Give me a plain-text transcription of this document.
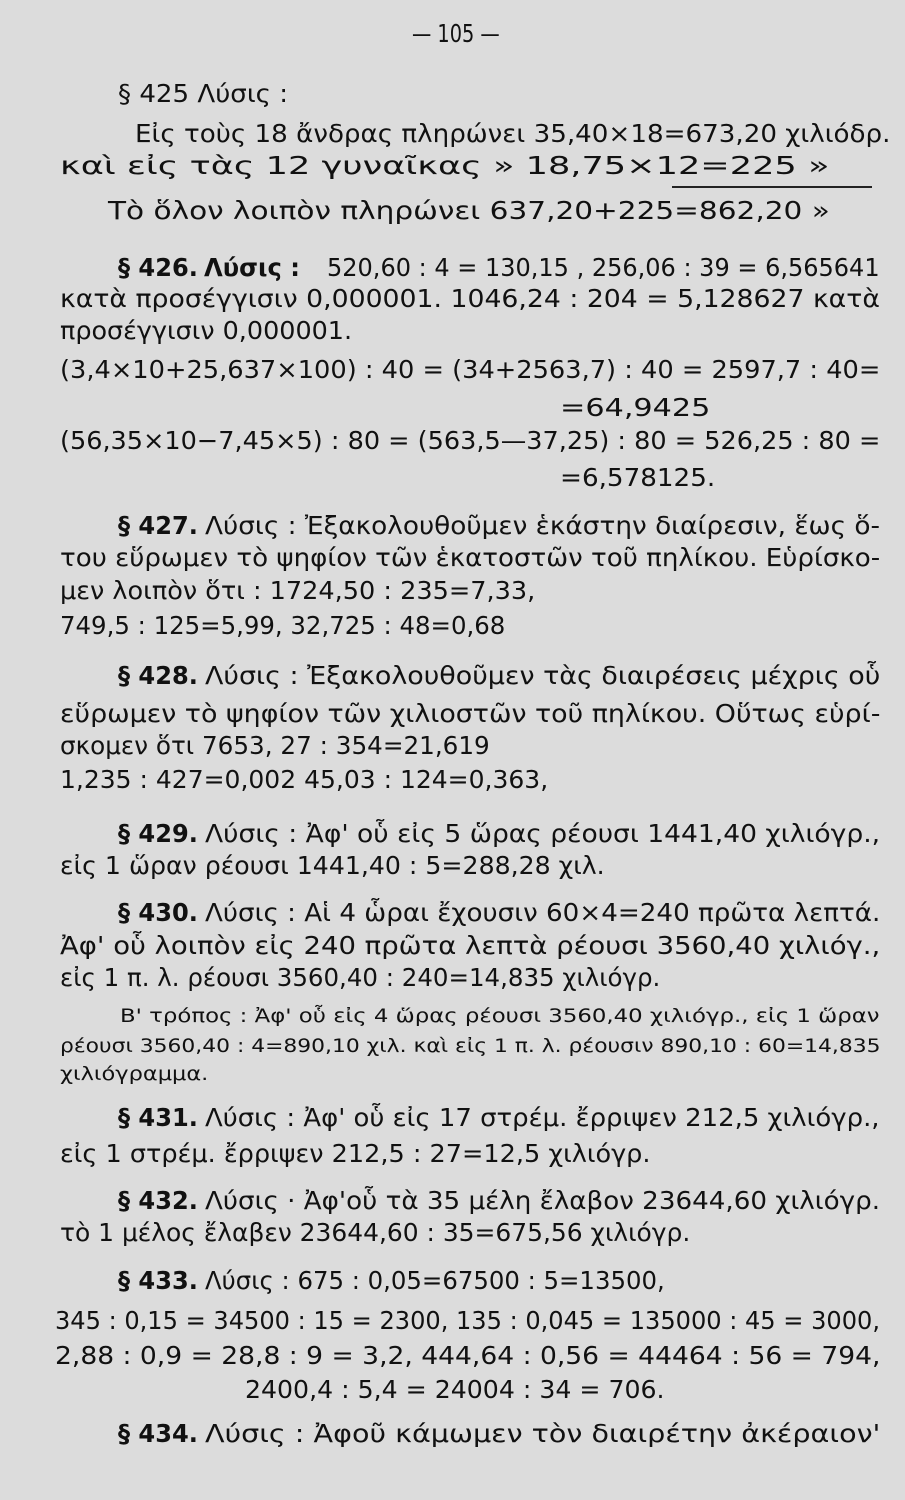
— 105 —
§ 425 Λύσις :
Εἰς τοὺς 18 ἄνδρας πληρώνει 35,40×18=673,20 χιλιόδρ.
καὶ εἰς τὰς 12 γυναῖκας » 18,75×12=225 »
Τὸ ὅλον λοιπὸν πληρώνει 637,20+225=862,20 »
§ 426. Λύσις : 520,60 : 4 = 130,15 , 256,06 : 39 = 6,565641
κατὰ προσέγγισιν 0,000001. 1046,24 : 204 = 5,128627 κατὰ
προσέγγισιν 0,000001.
(3,4×10+25,637×100) : 40 = (34+2563,7) : 40 = 2597,7 : 40=
=64,9425
(56,35×10−7,45×5) : 80 = (563,5—37,25) : 80 = 526,25 : 80 =
=6,578125.
§ 427. Λύσις : Ἐξακολουθοῦμεν ἑκάστην διαίρεσιν, ἕως ὅ-
του εὕρωμεν τὸ ψηφίον τῶν ἑκατοστῶν τοῦ πηλίκου. Εὑρίσκο-
μεν λοιπὸν ὅτι : 1724,50 : 235=7,33,
749,5 : 125=5,99, 32,725 : 48=0,68
§ 428. Λύσις : Ἐξακολουθοῦμεν τὰς διαιρέσεις μέχρις οὗ
εὕρωμεν τὸ ψηφίον τῶν χιλιοστῶν τοῦ πηλίκου. Οὕτως εὑρί-
σκομεν ὅτι 7653, 27 : 354=21,619
1,235 : 427=0,002 45,03 : 124=0,363,
§ 429. Λύσις : Ἀφ' οὗ εἰς 5 ὥρας ρέουσι 1441,40 χιλιόγρ.,
εἰς 1 ὥραν ρέουσι 1441,40 : 5=288,28 χιλ.
§ 430. Λύσις : Αἱ 4 ὧραι ἔχουσιν 60×4=240 πρῶτα λεπτά.
Ἀφ' οὗ λοιπὸν εἰς 240 πρῶτα λεπτὰ ρέουσι 3560,40 χιλιόγ.,
εἰς 1 π. λ. ρέουσι 3560,40 : 240=14,835 χιλιόγρ.
Β' τρόπος : Ἀφ' οὗ εἰς 4 ὥρας ρέουσι 3560,40 χιλιόγρ., εἰς 1 ὥραν
ρέουσι 3560,40 : 4=890,10 χιλ. καὶ εἰς 1 π. λ. ρέουσιν 890,10 : 60=14,835
χιλιόγραμμα.
§ 431. Λύσις : Ἀφ' οὗ εἰς 17 στρέμ. ἔρριψεν 212,5 χιλιόγρ.,
εἰς 1 στρέμ. ἔρριψεν 212,5 : 27=12,5 χιλιόγρ.
§ 432. Λύσις · Ἀφ'οὗ τὰ 35 μέλη ἔλαβον 23644,60 χιλιόγρ.
τὸ 1 μέλος ἔλαβεν 23644,60 : 35=675,56 χιλιόγρ.
§ 433. Λύσις : 675 : 0,05=67500 : 5=13500,
345 : 0,15 = 34500 : 15 = 2300, 135 : 0,045 = 135000 : 45 = 3000,
2,88 : 0,9 = 28,8 : 9 = 3,2, 444,64 : 0,56 = 44464 : 56 = 794,
2400,4 : 5,4 = 24004 : 34 = 706.
§ 434. Λύσις : Ἀφοῦ κάμωμεν τὸν διαιρέτην ἀκέραιον'
